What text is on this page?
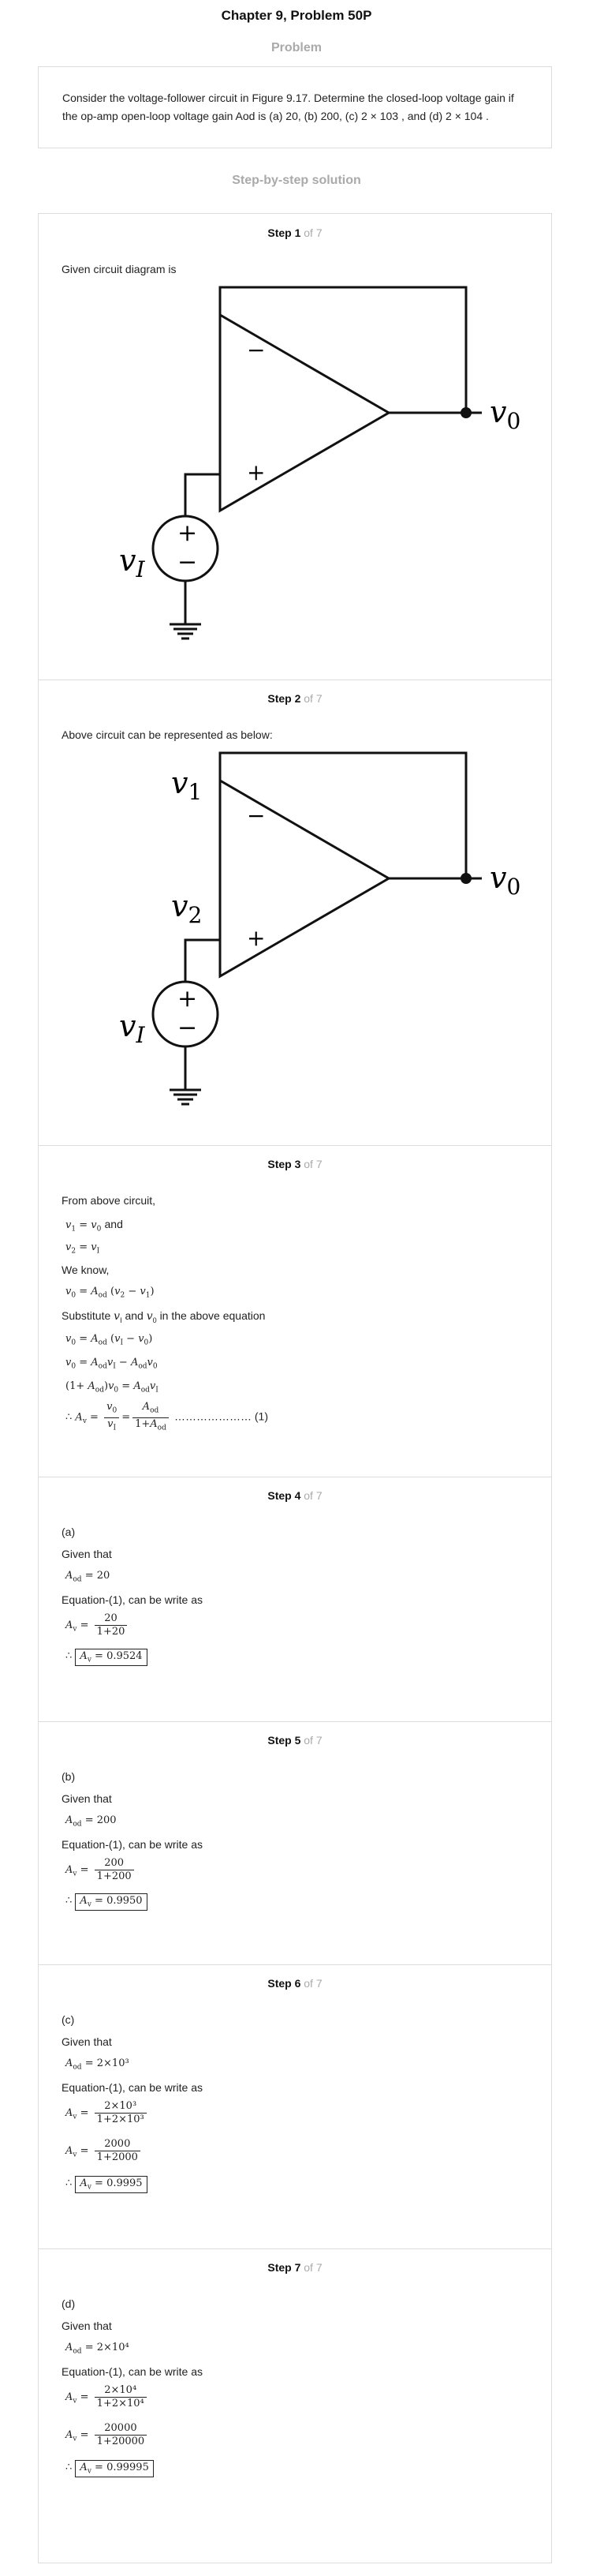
Chapter 9, Problem 50P
Problem
Consider the voltage-follower circuit in Figure 9.17. Determine the closed-loop voltage gain if
the op-amp open-loop voltage gain Aod is (a) 20, (b) 200, (c) 2 × 103 , and (d) 2 × 104 .
Step-by-step solution
Step 1 of 7
Given circuit diagram is
−
+
+
−
$v_0$
$v_I$
Step 2 of 7
Above circuit can be represented as below:
−
+
+
−
$v_0$
$v_I$
$v_1$
$v_2$
Step 3 of 7
From above circuit,
$v_1 = v_0$ and
$v_2 = v_I$
We know,
$v_0 = A_{od}$ $(v_2 - v_1)$
Substitute $v_I$ and $v_0$ in the above equation
$v_0 = A_{od}$ $(v_I - v_0)$
$v_0 = A_{od}v_I - A_{od}v_0$
$(1+ A_{od})v_0 = A_{od}v_I$
∴ $A_v = \frac{v_0}{v_I} = \frac{A_{od}}{1+A_{od}}$ ………………… (1)
Step 4 of 7
(a)
Given that
$A_{od} = 20$
Equation-(1), can be write as
$A_v = \frac{20}{1+20}$
∴ $A_v = 0.9524$
Step 5 of 7
(b)
Given that
$A_{od} = 200$
Equation-(1), can be write as
$A_v = \frac{200}{1+200}$
∴ $A_v = 0.9950$
Step 6 of 7
(c)
Given that
$A_{od} = 2\times 10^3$
Equation-(1), can be write as
$A_v = \frac{\text{2×10³}}{\text{1+2×10³}}$
$A_v = \frac{2000}{1+2000}$
∴ $A_v = 0.9995$
Step 7 of 7
(d)
Given that
$A_{od} = 2\times 10^4$
Equation-(1), can be write as
$A_v = \frac{\text{2×10⁴}}{\text{1+2×10⁴}}$
$A_v = \frac{20000}{1+20000}$
∴ $A_v = 0.99995$
